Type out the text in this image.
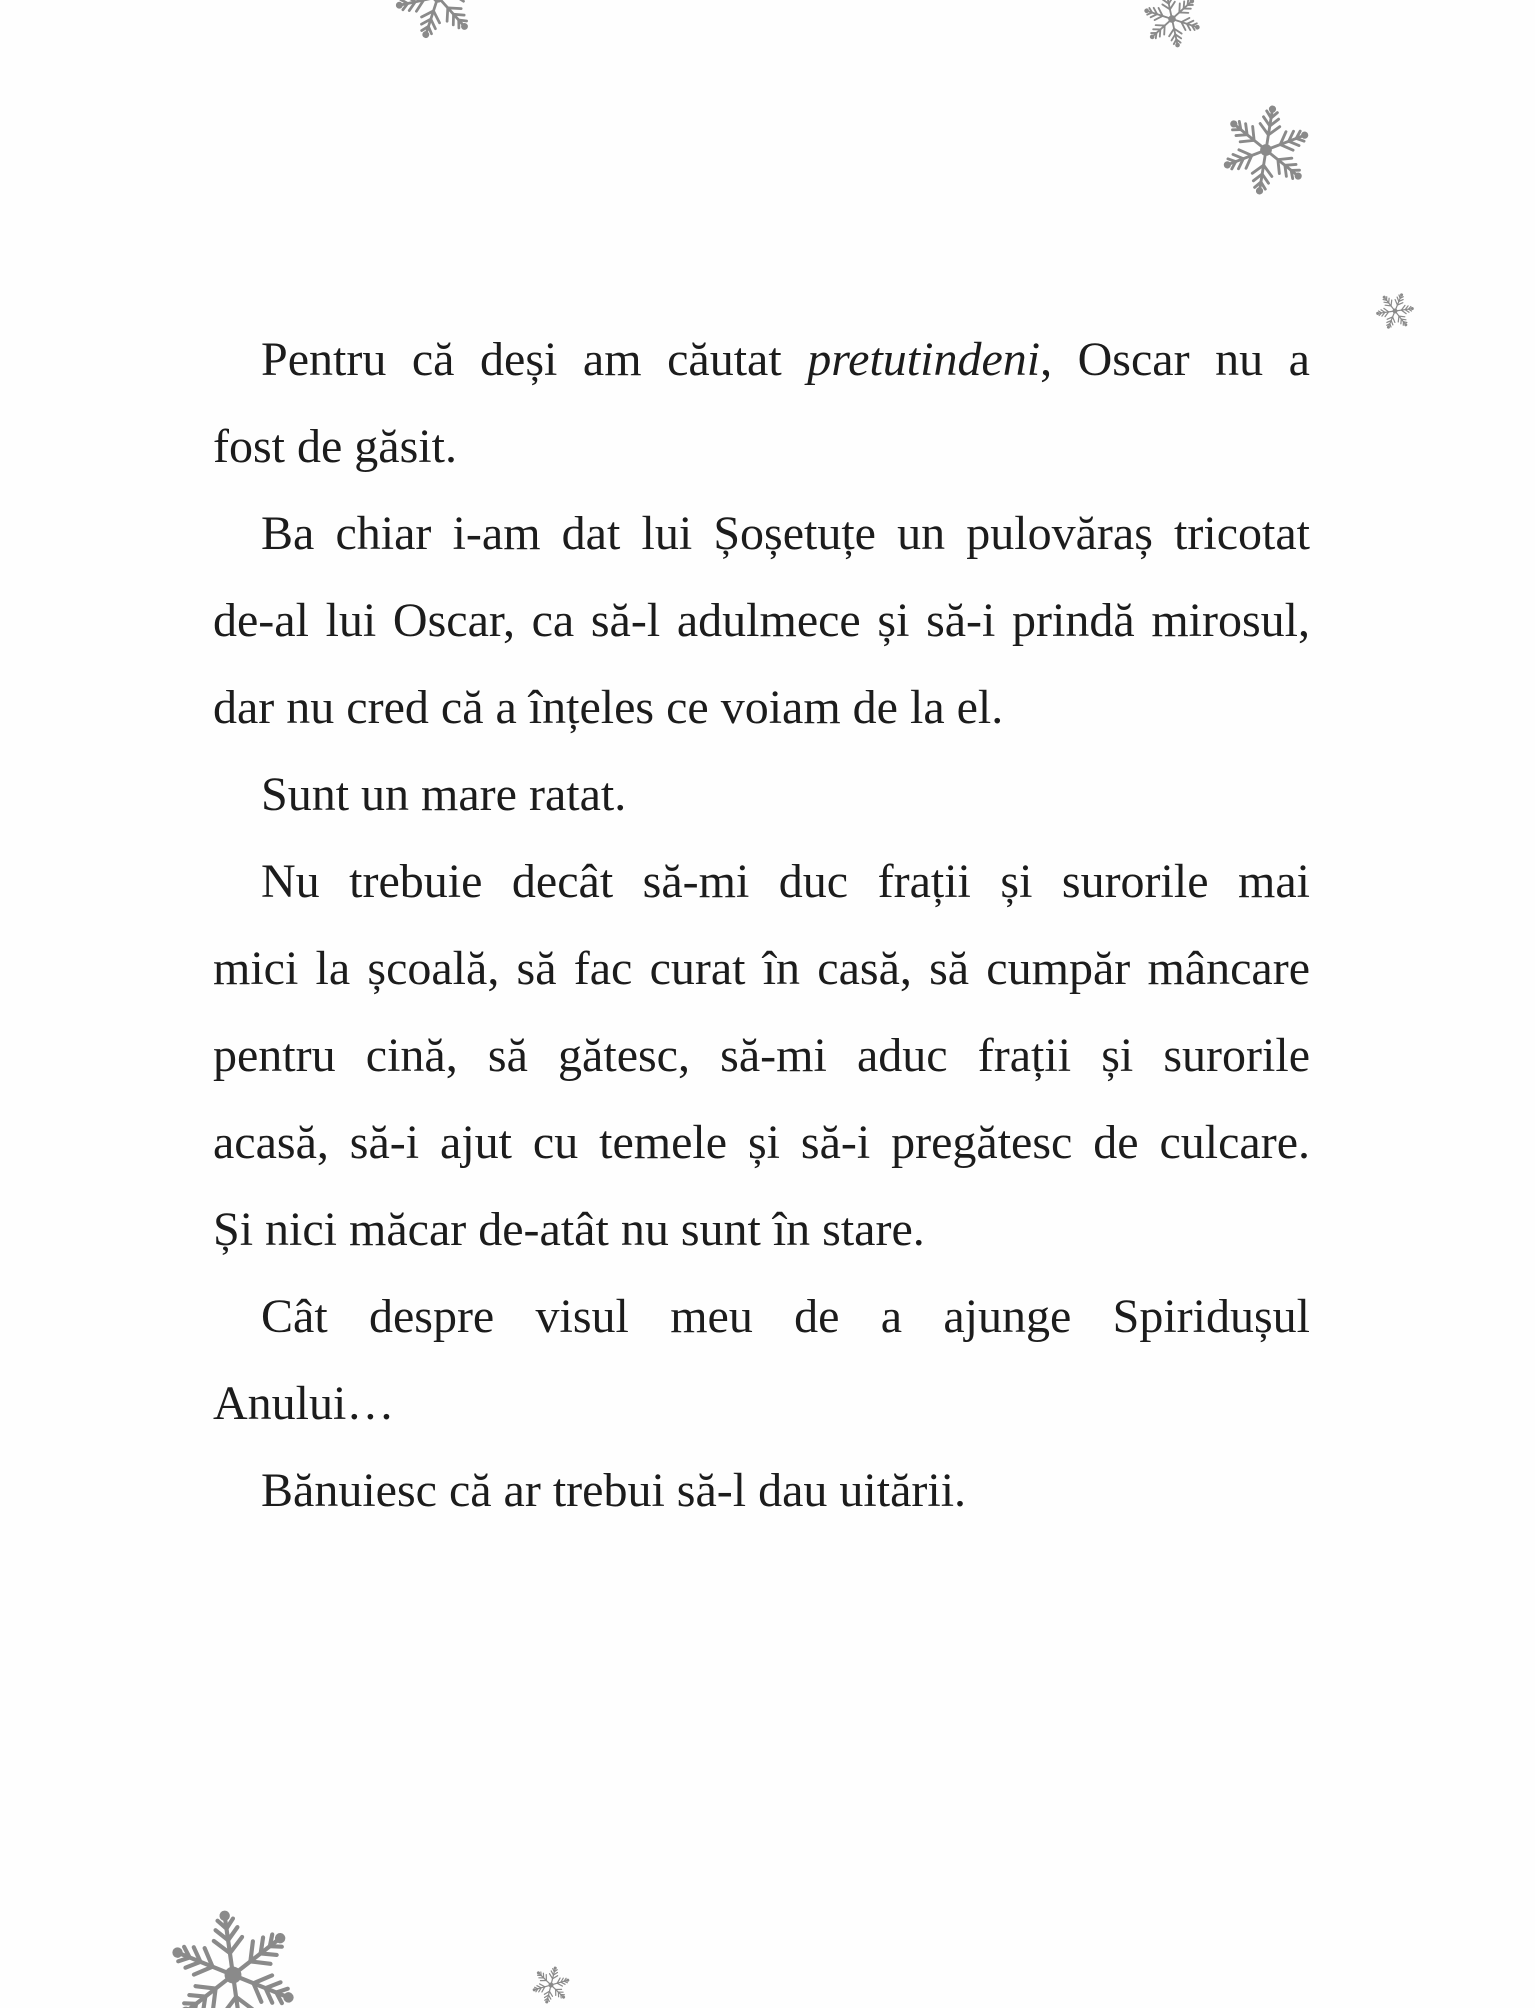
Pentru că deși am căutat pretutindeni, Oscar nu a
fost de găsit.
Ba chiar i-am dat lui Șoșetuțe un pulovăraș tricotat
de-al lui Oscar, ca să-l adulmece și să-i prindă mirosul,
dar nu cred că a înțeles ce voiam de la el.
Sunt un mare ratat.
Nu trebuie decât să-mi duc frații și surorile mai
mici la școală, să fac curat în casă, să cumpăr mâncare
pentru cină, să gătesc, să-mi aduc frații și surorile
acasă, să-i ajut cu temele și să-i pregătesc de culcare.
Și nici măcar de-atât nu sunt în stare.
Cât despre visul meu de a ajunge Spiridușul
Anului…
Bănuiesc că ar trebui să-l dau uitării.
